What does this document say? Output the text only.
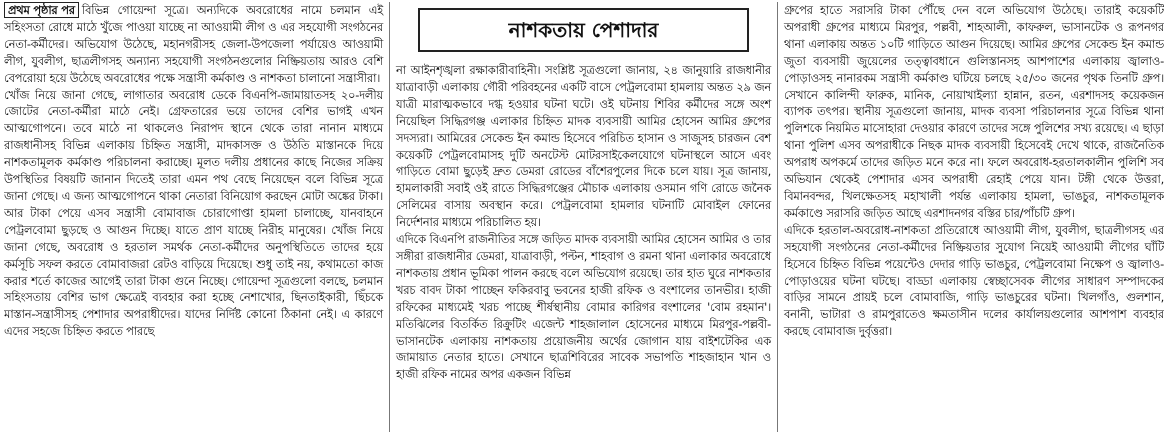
প্রথম পৃষ্ঠার পর বিভিন্ন গোয়েন্দা সূত্রে। অন্যদিকে অবরোধের নামে চলমান এই সহিংসতা রোধে মাঠে খুঁজে পাওয়া যাচ্ছে না আওয়ামী লীগ ও এর সহযোগী সংগঠনের নেতা-কর্মীদের। অভিযোগ উঠেছে, মহানগরীসহ জেলা-উপজেলা পর্যায়েও আওয়ামী লীগ, যুবলীগ, ছাত্রলীগসহ অন্যান্য সহযোগী সংগঠনগুলোর নিষ্ক্রিয়তায় আরও বেশি বেপরোয়া হয়ে উঠেছে অবরোধের পক্ষে সন্ত্রাসী কর্মকাণ্ড ও নাশকতা চালানো সন্ত্রাসীরা।

খোঁজ নিয়ে জানা গেছে, লাগাতার অবরোধ ডেকে বিএনপি-জামায়াতসহ ২০-দলীয় জোটের নেতা-কর্মীরা মাঠে নেই। গ্রেফতারের ভয়ে তাদের বেশির ভাগই এখন আত্মগোপনে। তবে মাঠে না থাকলেও নিরাপদ স্থানে থেকে তারা নানান মাধ্যমে রাজধানীসহ বিভিন্ন এলাকায় চিহ্নিত সন্ত্রাসী, মাদকাসক্ত ও উঠতি মাস্তানকে দিয়ে নাশকতামূলক কর্মকাণ্ড পরিচালনা করাচ্ছে। মূলত দলীয় প্রধানের কাছে নিজের সক্রিয় উপস্থিতির বিষয়টি জানান দিতেই তারা এমন পথ বেছে নিয়েছেন বলে বিভিন্ন সূত্রে জানা গেছে। এ জন্য আত্মগোপনে থাকা নেতারা বিনিয়োগ করছেন মোটা অঙ্কের টাকা। আর টাকা পেয়ে এসব সন্ত্রাসী বোমাবাজ চোরাগোপ্তা হামলা চালাচ্ছে, যানবাহনে পেট্রলবোমা ছুড়ছে ও আগুন দিচ্ছে। যাতে প্রাণ যাচ্ছে নিরীহ মানুষের। খোঁজ নিয়ে জানা গেছে, অবরোধ ও হরতাল সমর্থক নেতা-কর্মীদের অনুপস্থিতিতে তাদের হয়ে কর্মসূচি সফল করতে বোমাবাজরা রেটও বাড়িয়ে দিয়েছে। শুধু তাই নয়, কথামতো কাজ করার শর্তে কাজের আগেই তারা টাকা গুনে নিচ্ছে। গোয়েন্দা সূত্রগুলো বলছে, চলমান সহিংসতায় বেশির ভাগ ক্ষেত্রেই ব্যবহার করা হচ্ছে নেশাখোর, ছিনতাইকারী, ছিঁচকে মাস্তান-সন্ত্রাসীসহ পেশাদার অপরাধীদের। যাদের নির্দিষ্ট কোনো ঠিকানা নেই। এ কারণে এদের সহজে চিহ্নিত করতে পারছে

নাশকতায় পেশাদার

না আইনশৃঙ্খলা রক্ষাকারীবাহিনী। সংশ্লিষ্ট সূত্রগুলো জানায়, ২৪ জানুয়ারি রাজধানীর যাত্রাবাড়ী এলাকায় গৌরী পরিবহনের একটি বাসে পেট্রলবোমা হামলায় অন্তত ২৯ জন যাত্রী মারাত্মকভাবে দগ্ধ হওয়ার ঘটনা ঘটে। ওই ঘটনায় শিবির কর্মীদের সঙ্গে অংশ নিয়েছিল সিদ্ধিরগঞ্জ এলাকার চিহ্নিত মাদক ব্যবসায়ী আমির হোসেন আমির গ্রুপের সদস্যরা। আমিরের সেকেন্ড ইন কমান্ড হিসেবে পরিচিত হাসান ও সাজুসহ চারজন বেশ কয়েকটি পেট্রলবোমাসহ দুটি অনটেস্ট মোটরসাইকেলযোগে ঘটনাস্থলে আসে এবং গাড়িতে বোমা ছুড়েই দ্রুত ডেমরা রোডের বাঁশেরপুলের দিকে চলে যায়। সূত্র জানায়, হামলাকারী সবাই ওই রাতে সিদ্ধিরগঞ্জের মৌচাক এলাকায় ওসমান গণি রোডে জনৈক সেলিমের বাসায় অবস্থান করে। পেট্রলবোমা হামলার ঘটনাটি মোবাইল ফোনের নির্দেশনার মাধ্যমে পরিচালিত হয়।

এদিকে বিএনপি রাজনীতির সঙ্গে জড়িত মাদক ব্যবসায়ী আমির হোসেন আমির ও তার সঙ্গীরা রাজধানীর ডেমরা, যাত্রাবাড়ী, পল্টন, শাহবাগ ও রমনা থানা এলাকার অবরোধে নাশকতায় প্রধান ভূমিকা পালন করছে বলে অভিযোগ রয়েছে। তার হাত ঘুরে নাশকতার খরচ বাবদ টাকা পাচ্ছেন ফকিরবাবু ভবনের হাজী রফিক ও বংশালের তানভীর। হাজী রফিকের মাধ্যমেই খরচ পাচ্ছে শীর্ষস্থানীয় বোমার কারিগর বংশালের 'বোম রহমান'। মতিঝিলের বিতর্কিত রিক্রুটিং এজেন্ট শাহজালাল হোসেনের মাধ্যমে মিরপুর-পল্লবী-ভাসানটেক এলাকায় নাশকতায় প্রয়োজনীয় অর্থের জোগান যায় বাইশটেকির এক জামায়াত নেতার হাতে। সেখানে ছাত্রশিবিরের সাবেক সভাপতি শাহজাহান খান ও হাজী রফিক নামের অপর একজন বিভিন্ন

গ্রুপের হাতে সরাসরি টাকা পৌঁছে দেন বলে অভিযোগ উঠেছে। তারাই কয়েকটি অপরাধী গ্রুপের মাধ্যমে মিরপুর, পল্লবী, শাহআলী, কাফরুল, ভাসানটেক ও রূপনগর থানা এলাকায় অন্তত ১০টি গাড়িতে আগুন দিয়েছে। আমির গ্রুপের সেকেন্ড ইন কমান্ড জুতা ব্যবসায়ী জুয়েলের তত্ত্বাবধানে গুলিস্তানসহ আশপাশের এলাকায় জ্বালাও-পোড়াওসহ নানারকম সন্ত্রাসী কর্মকাণ্ড ঘটিয়ে চলছে ২৫/৩০ জনের পৃথক তিনটি গ্রুপ। সেখানে কালিন্দী ফারুক, মানিক, নোয়াখাইল্যা হান্নান, রতন, এরশাদসহ কয়েকজন ব্যাপক তৎপর। স্থানীয় সূত্রগুলো জানায়, মাদক ব্যবসা পরিচালনার সূত্রে বিভিন্ন থানা পুলিশকে নিয়মিত মাসোহারা দেওয়ার কারণে তাদের সঙ্গে পুলিশের সখ্য রয়েছে। এ ছাড়া থানা পুলিশ এসব অপরাধীকে নিছক মাদক ব্যবসায়ী হিসেবেই দেখে থাকে, রাজনৈতিক অপরাধ অপকর্মে তাদের জড়িত মনে করে না। ফলে অবরোধ-হরতালকালীন পুলিশি সব অভিযান থেকেই পেশাদার এসব অপরাধী রেহাই পেয়ে যান। টঙ্গী থেকে উত্তরা, বিমানবন্দর, খিলক্ষেতসহ মহাখালী পর্যন্ত এলাকায় হামলা, ভাঙচুর, নাশকতামূলক কর্মকাণ্ডে সরাসরি জড়িত আছে এরশাদনগর বস্তির চার/পাঁচটি গ্রুপ।

এদিকে হরতাল-অবরোধ-নাশকতা প্রতিরোধে আওয়ামী লীগ, যুবলীগ, ছাত্রলীগসহ এর সহযোগী সংগঠনের নেতা-কর্মীদের নিষ্ক্রিয়তার সুযোগ নিয়েই আওয়ামী লীগের ঘাঁটি হিসেবে চিহ্নিত বিভিন্ন পয়েন্টেও দেদার গাড়ি ভাঙচুর, পেট্রলবোমা নিক্ষেপ ও জ্বালাও-পোড়াওয়ের ঘটনা ঘটছে। বাড্ডা এলাকায় স্বেচ্ছাসেবক লীগের সাধারণ সম্পাদকের বাড়ির সামনে প্রায়ই চলে বোমাবাজি, গাড়ি ভাঙচুরের ঘটনা। খিলগাঁও, গুলশান, বনানী, ভাটারা ও রামপুরাতেও ক্ষমতাসীন দলের কার্যালয়গুলোর আশপাশ ব্যবহার করছে বোমাবাজ দুর্বৃত্তরা।
